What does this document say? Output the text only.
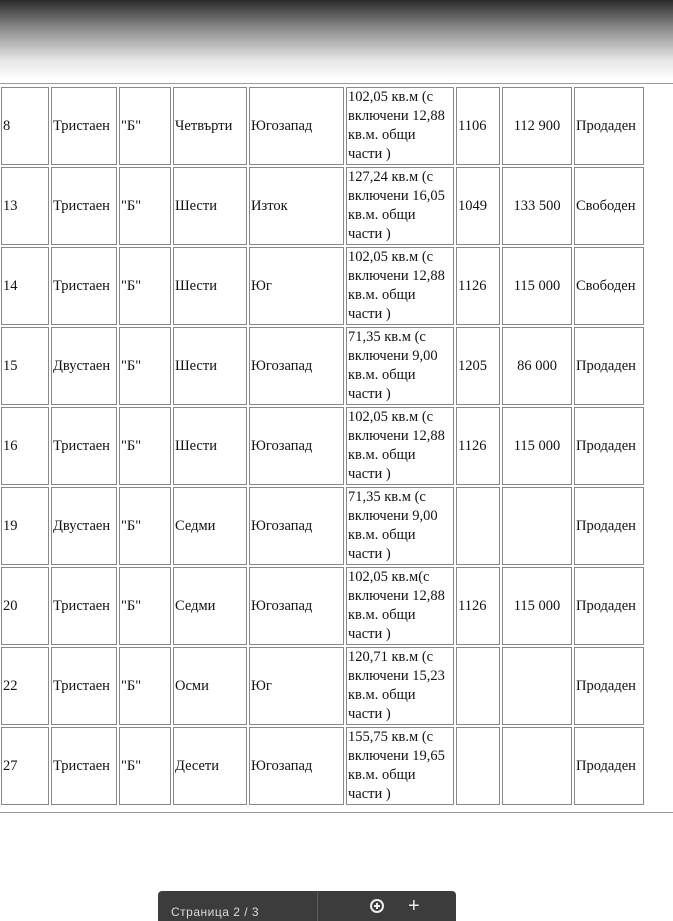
8	Тристаен	"Б"	Четвърти	Югозапад	102,05 кв.м (с включени 12,88 кв.м. общи части )	1106	112 900	Продаден
13	Тристаен	"Б"	Шести	Изток	127,24 кв.м (с включени 16,05 кв.м. общи части )	1049	133 500	Свободен
14	Тристаен	"Б"	Шести	Юг	102,05 кв.м (с включени 12,88 кв.м. общи части )	1126	115 000	Свободен
15	Двустаен	"Б"	Шести	Югозапад	71,35 кв.м (с включени 9,00 кв.м. общи части )	1205	86 000	Продаден
16	Тристаен	"Б"	Шести	Югозапад	102,05 кв.м (с включени 12,88 кв.м. общи части )	1126	115 000	Продаден
19	Двустаен	"Б"	Седми	Югозапад	71,35 кв.м (с включени 9,00 кв.м. общи части )			Продаден
20	Тристаен	"Б"	Седми	Югозапад	102,05 кв.м(с включени 12,88 кв.м. общи части )	1126	115 000	Продаден
22	Тристаен	"Б"	Осми	Юг	120,71 кв.м (с включени 15,23 кв.м. общи части )			Продаден
27	Тристаен	"Б"	Десети	Югозапад	155,75 кв.м (с включени 19,65 кв.м. общи части )			Продаден
Страница 2 / 3	+
